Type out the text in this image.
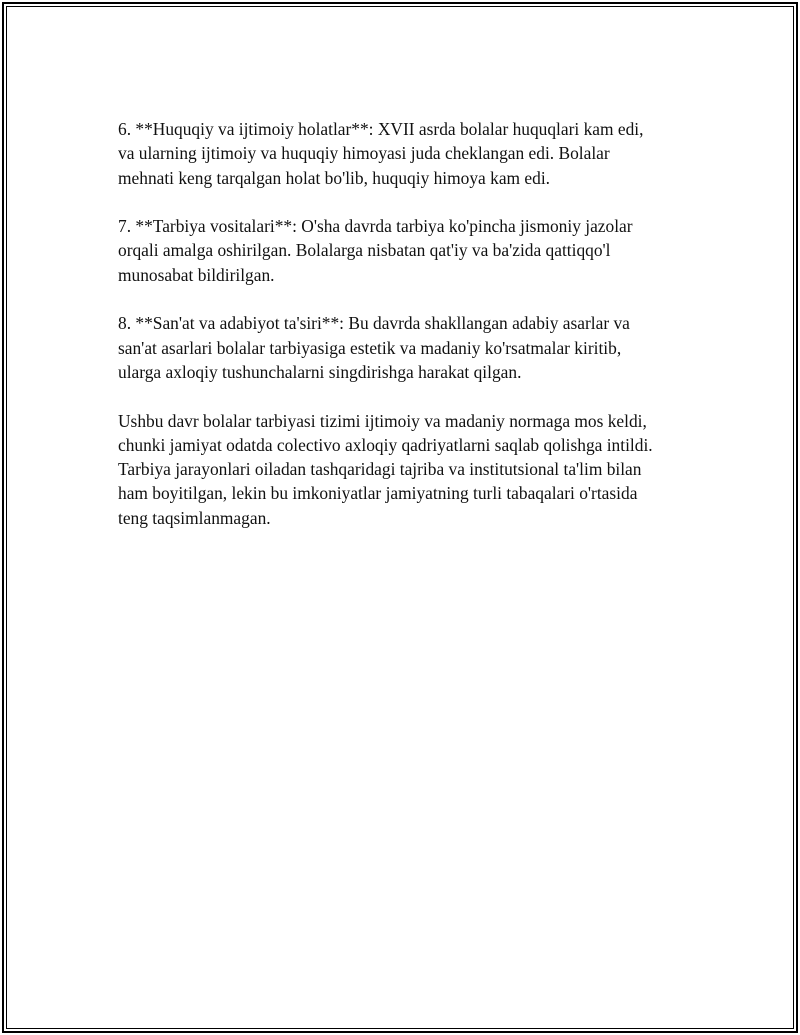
6. **Huquqiy va ijtimoiy holatlar**: XVII asrda bolalar huquqlari kam edi,
va ularning ijtimoiy va huquqiy himoyasi juda cheklangan edi. Bolalar
mehnati keng tarqalgan holat bo'lib, huquqiy himoya kam edi.

7. **Tarbiya vositalari**: O'sha davrda tarbiya ko'pincha jismoniy jazolar
orqali amalga oshirilgan. Bolalarga nisbatan qat'iy va ba'zida qattiqqo'l
munosabat bildirilgan.

8. **San'at va adabiyot ta'siri**: Bu davrda shakllangan adabiy asarlar va
san'at asarlari bolalar tarbiyasiga estetik va madaniy ko'rsatmalar kiritib,
ularga axloqiy tushunchalarni singdirishga harakat qilgan.

Ushbu davr bolalar tarbiyasi tizimi ijtimoiy va madaniy normaga mos keldi,
chunki jamiyat odatda colectivo axloqiy qadriyatlarni saqlab qolishga intildi.
Tarbiya jarayonlari oiladan tashqaridagi tajriba va institutsional ta'lim bilan
ham boyitilgan, lekin bu imkoniyatlar jamiyatning turli tabaqalari o'rtasida
teng taqsimlanmagan.
